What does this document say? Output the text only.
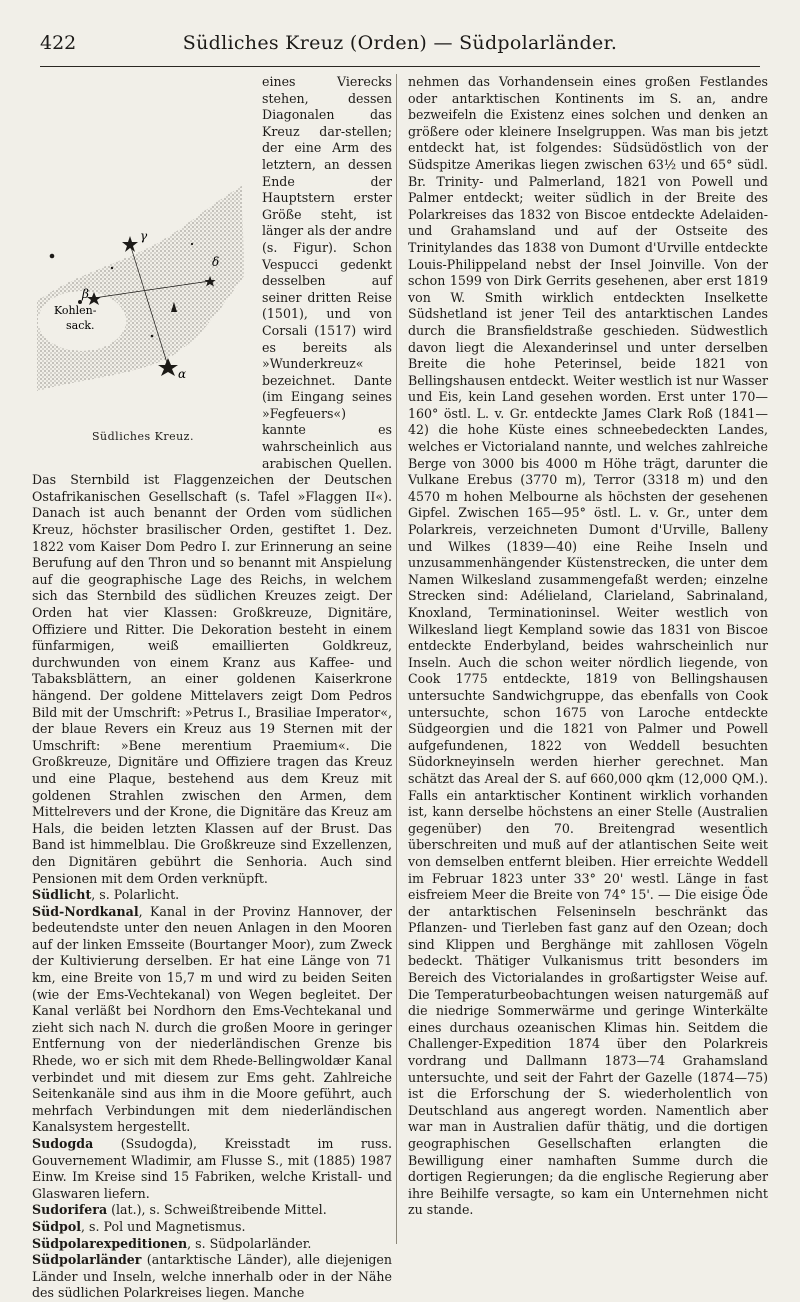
422	Südliches Kreuz (Orden) — Südpolarländer.
Kohlen-
sack.
γ
δ
β
α
Südliches Kreuz.

eines Vierecks stehen, dessen Diagonalen das Kreuz dar-stellen; der eine Arm des letztern, an dessen Ende der Hauptstern erster Größe steht, ist länger als der andre (s. Figur). Schon Vespucci gedenkt desselben auf seiner dritten Reise (1501), und von Corsali (1517) wird es bereits als »Wunderkreuz« bezeichnet. Dante (im Eingang seines »Fegfeuers«) kannte es wahrscheinlich aus arabischen Quellen. Das Sternbild ist Flaggenzeichen der Deutschen Ostafrikanischen Gesellschaft (s. Tafel »Flaggen II«). Danach ist auch benannt der Orden vom südlichen Kreuz, höchster brasilischer Orden, gestiftet 1. Dez. 1822 vom Kaiser Dom Pedro I. zur Erinnerung an seine Berufung auf den Thron und so benannt mit Anspielung auf die geographische Lage des Reichs, in welchem sich das Sternbild des südlichen Kreuzes zeigt. Der Orden hat vier Klassen: Großkreuze, Dignitäre, Offiziere und Ritter. Die Dekoration besteht in einem fünfarmigen, weiß emaillierten Goldkreuz, durchwunden von einem Kranz aus Kaffee- und Tabaksblättern, an einer goldenen Kaiserkrone hängend. Der goldene Mittelavers zeigt Dom Pedros Bild mit der Umschrift: »Petrus I., Brasiliae Imperator«, der blaue Revers ein Kreuz aus 19 Sternen mit der Umschrift: »Bene merentium Praemium«. Die Großkreuze, Dignitäre und Offiziere tragen das Kreuz und eine Plaque, bestehend aus dem Kreuz mit goldenen Strahlen zwischen den Armen, dem Mittelrevers und der Krone, die Dignitäre das Kreuz am Hals, die beiden letzten Klassen auf der Brust. Das Band ist himmelblau. Die Großkreuze sind Exzellenzen, den Dignitären gebührt die Senhoria. Auch sind Pensionen mit dem Orden verknüpft.

Südlicht, s. Polarlicht.

Süd-Nordkanal, Kanal in der Provinz Hannover, der bedeutendste unter den neuen Anlagen in den Mooren auf der linken Emsseite (Bourtanger Moor), zum Zweck der Kultivierung derselben. Er hat eine Länge von 71 km, eine Breite von 15,7 m und wird zu beiden Seiten (wie der Ems-Vechtekanal) von Wegen begleitet. Der Kanal verläßt bei Nordhorn den Ems-Vechtekanal und zieht sich nach N. durch die großen Moore in geringer Entfernung von der niederländischen Grenze bis Rhede, wo er sich mit dem Rhede-Bellingwoldær Kanal verbindet und mit diesem zur Ems geht. Zahlreiche Seitenkanäle sind aus ihm in die Moore geführt, auch mehrfach Verbindungen mit dem niederländischen Kanalsystem hergestellt.

Sudogda (Ssudogda), Kreisstadt im russ. Gouvernement Wladimir, am Flusse S., mit (1885) 1987 Einw. Im Kreise sind 15 Fabriken, welche Kristall- und Glaswaren liefern.

Sudorifera (lat.), s. Schweißtreibende Mittel.

Südpol, s. Pol und Magnetismus.

Südpolarexpeditionen, s. Südpolarländer.

Südpolarländer (antarktische Länder), alle diejenigen Länder und Inseln, welche innerhalb oder in der Nähe des südlichen Polarkreises liegen. Manche

nehmen das Vorhandensein eines großen Festlandes oder antarktischen Kontinents im S. an, andre bezweifeln die Existenz eines solchen und denken an größere oder kleinere Inselgruppen. Was man bis jetzt entdeckt hat, ist folgendes: Südsüdöstlich von der Südspitze Amerikas liegen zwischen 63½ und 65° südl. Br. Trinity- und Palmerland, 1821 von Powell und Palmer entdeckt; weiter südlich in der Breite des Polarkreises das 1832 von Biscoe entdeckte Adelaiden- und Grahamsland und auf der Ostseite des Trinitylandes das 1838 von Dumont d'Urville entdeckte Louis-Philippeland nebst der Insel Joinville. Von der schon 1599 von Dirk Gerrits gesehenen, aber erst 1819 von W. Smith wirklich entdeckten Inselkette Südshetland ist jener Teil des antarktischen Landes durch die Bransfieldstraße geschieden. Südwestlich davon liegt die Alexanderinsel und unter derselben Breite die hohe Peterinsel, beide 1821 von Bellingshausen entdeckt. Weiter westlich ist nur Wasser und Eis, kein Land gesehen worden. Erst unter 170—160° östl. L. v. Gr. entdeckte James Clark Roß (1841—42) die hohe Küste eines schneebedeckten Landes, welches er Victorialand nannte, und welches zahlreiche Berge von 3000 bis 4000 m Höhe trägt, darunter die Vulkane Erebus (3770 m), Terror (3318 m) und den 4570 m hohen Melbourne als höchsten der gesehenen Gipfel. Zwischen 165—95° östl. L. v. Gr., unter dem Polarkreis, verzeichneten Dumont d'Urville, Balleny und Wilkes (1839—40) eine Reihe Inseln und unzusammenhängender Küstenstrecken, die unter dem Namen Wilkesland zusammengefaßt werden; einzelne Strecken sind: Adélieland, Clarieland, Sabrinaland, Knoxland, Terminationinsel. Weiter westlich von Wilkesland liegt Kempland sowie das 1831 von Biscoe entdeckte Enderbyland, beides wahrscheinlich nur Inseln. Auch die schon weiter nördlich liegende, von Cook 1775 entdeckte, 1819 von Bellingshausen untersuchte Sandwichgruppe, das ebenfalls von Cook untersuchte, schon 1675 von Laroche entdeckte Südgeorgien und die 1821 von Palmer und Powell aufgefundenen, 1822 von Weddell besuchten Südorkneyinseln werden hierher gerechnet. Man schätzt das Areal der S. auf 660,000 qkm (12,000 QM.). Falls ein antarktischer Kontinent wirklich vorhanden ist, kann derselbe höchstens an einer Stelle (Australien gegenüber) den 70. Breitengrad wesentlich überschreiten und muß auf der atlantischen Seite weit von demselben entfernt bleiben. Hier erreichte Weddell im Februar 1823 unter 33° 20' westl. Länge in fast eisfreiem Meer die Breite von 74° 15'. — Die eisige Öde der antarktischen Felseninseln beschränkt das Pflanzen- und Tierleben fast ganz auf den Ozean; doch sind Klippen und Berghänge mit zahllosen Vögeln bedeckt. Thätiger Vulkanismus tritt besonders im Bereich des Victorialandes in großartigster Weise auf. Die Temperaturbeobachtungen weisen naturgemäß auf die niedrige Sommerwärme und geringe Winterkälte eines durchaus ozeanischen Klimas hin. Seitdem die Challenger-Expedition 1874 über den Polarkreis vordrang und Dallmann 1873—74 Grahamsland untersuchte, und seit der Fahrt der Gazelle (1874—75) ist die Erforschung der S. wiederholentlich von Deutschland aus angeregt worden. Namentlich aber war man in Australien dafür thätig, und die dortigen geographischen Gesellschaften erlangten die Bewilligung einer namhaften Summe durch die dortigen Regierungen; da die englische Regierung aber ihre Beihilfe versagte, so kam ein Unternehmen nicht zu stande.
